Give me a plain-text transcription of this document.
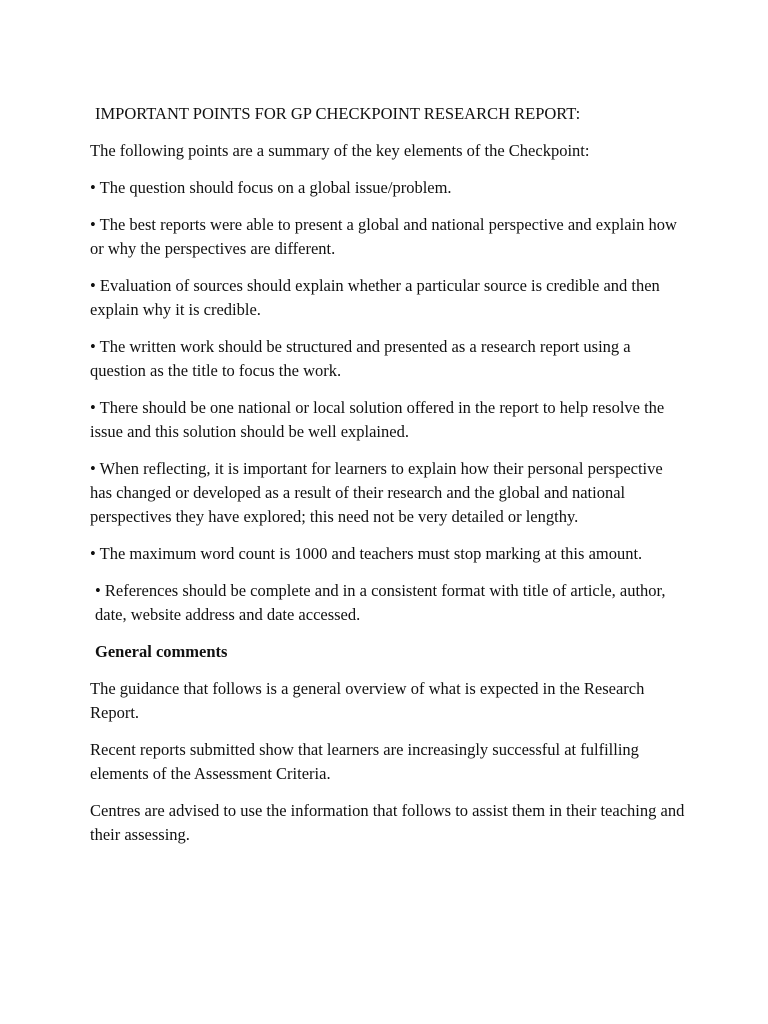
IMPORTANT POINTS FOR GP CHECKPOINT RESEARCH REPORT:
The following points are a summary of the key elements of the Checkpoint:
• The question should focus on a global issue/problem.
• The best reports were able to present a global and national perspective and explain how or why the perspectives are different.
• Evaluation of sources should explain whether a particular source is credible and then explain why it is credible.
• The written work should be structured and presented as a research report using a question as the title to focus the work.
• There should be one national or local solution offered in the report to help resolve the issue and this solution should be well explained.
• When reflecting, it is important for learners to explain how their personal perspective has changed or developed as a result of their research and the global and national perspectives they have explored; this need not be very detailed or lengthy.
• The maximum word count is 1000 and teachers must stop marking at this amount.
• References should be complete and in a consistent format with title of article, author, date, website address and date accessed.
General comments
The guidance that follows is a general overview of what is expected in the Research Report.
Recent reports submitted show that learners are increasingly successful at fulfilling elements of the Assessment Criteria.
Centres are advised to use the information that follows to assist them in their teaching and their assessing.
